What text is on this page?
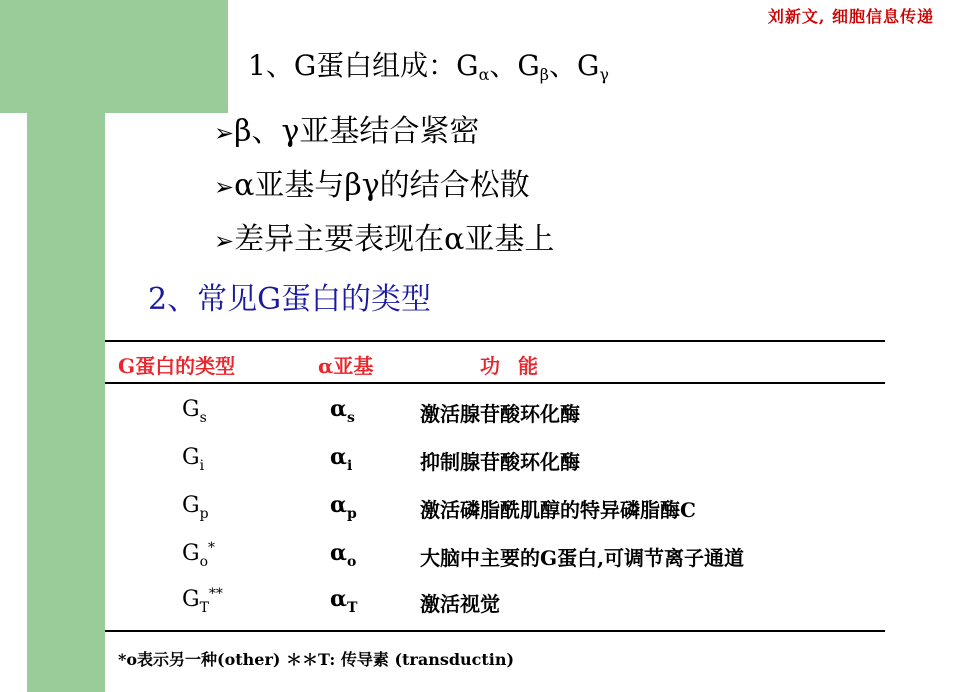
刘新文, 细胞信息传递
1、G蛋白组成：$G_\alpha$、$G_\beta$、$G_\gamma$
➢β、γ亚基结合紧密
➢α亚基与βγ的结合松散
➢差异主要表现在α亚基上
2、常见G蛋白的类型
G蛋白的类型	α亚基	功能
$G_s$	$\alpha_s$	激活腺苷酸环化酶
$G_i$	$\alpha_i$	抑制腺苷酸环化酶
$G_p$	$\alpha_p$	激活磷脂酰肌醇的特异磷脂酶C
$G_o^*$	$\alpha_o$	大脑中主要的G蛋白,可调节离子通道
$G_T^{**}$	$\alpha_T$	激活视觉
*o表示另一种(other) ＊＊T: 传导素 (transductin)
